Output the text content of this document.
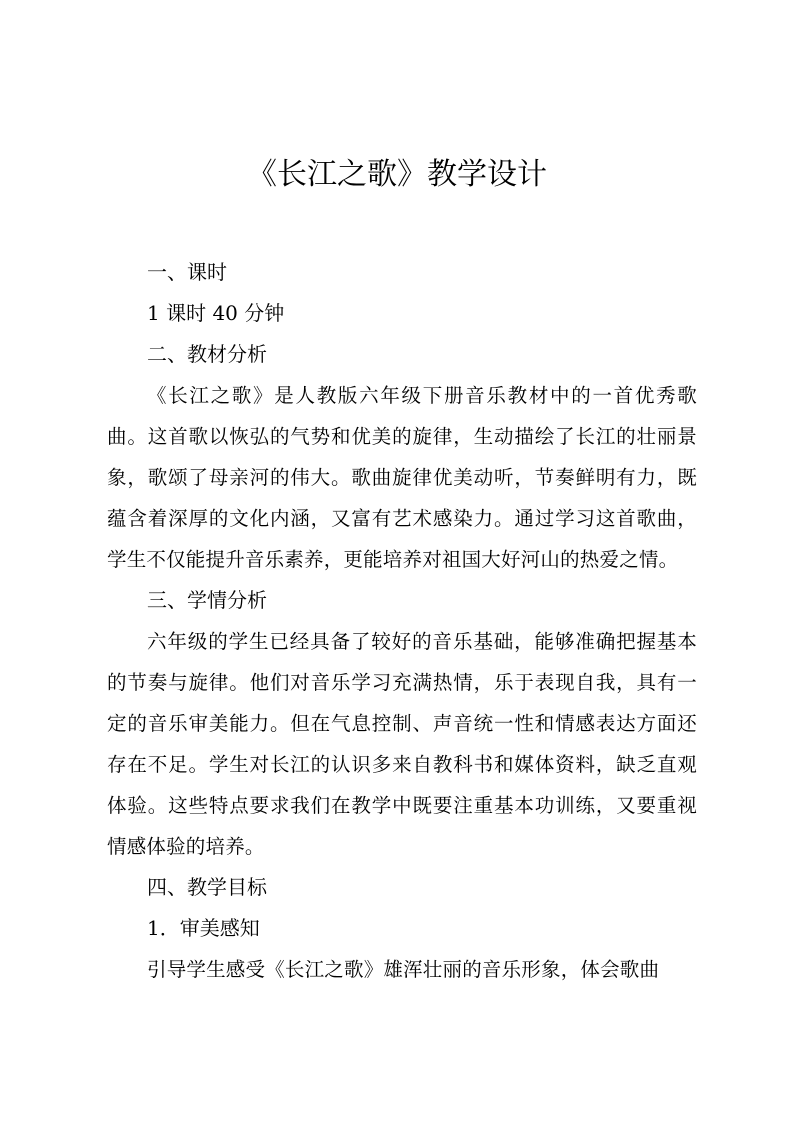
《长江之歌》教学设计

一、课时

1 课时 40 分钟

二、教材分析

《长江之歌》是人教版六年级下册音乐教材中的一首优秀歌曲。这首歌以恢弘的气势和优美的旋律，生动描绘了长江的壮丽景象，歌颂了母亲河的伟大。歌曲旋律优美动听，节奏鲜明有力，既蕴含着深厚的文化内涵，又富有艺术感染力。通过学习这首歌曲，学生不仅能提升音乐素养，更能培养对祖国大好河山的热爱之情。

三、学情分析

六年级的学生已经具备了较好的音乐基础，能够准确把握基本的节奏与旋律。他们对音乐学习充满热情，乐于表现自我，具有一定的音乐审美能力。但在气息控制、声音统一性和情感表达方面还存在不足。学生对长江的认识多来自教科书和媒体资料，缺乏直观体验。这些特点要求我们在教学中既要注重基本功训练，又要重视情感体验的培养。

四、教学目标

1．审美感知

引导学生感受《长江之歌》雄浑壮丽的音乐形象，体会歌曲
